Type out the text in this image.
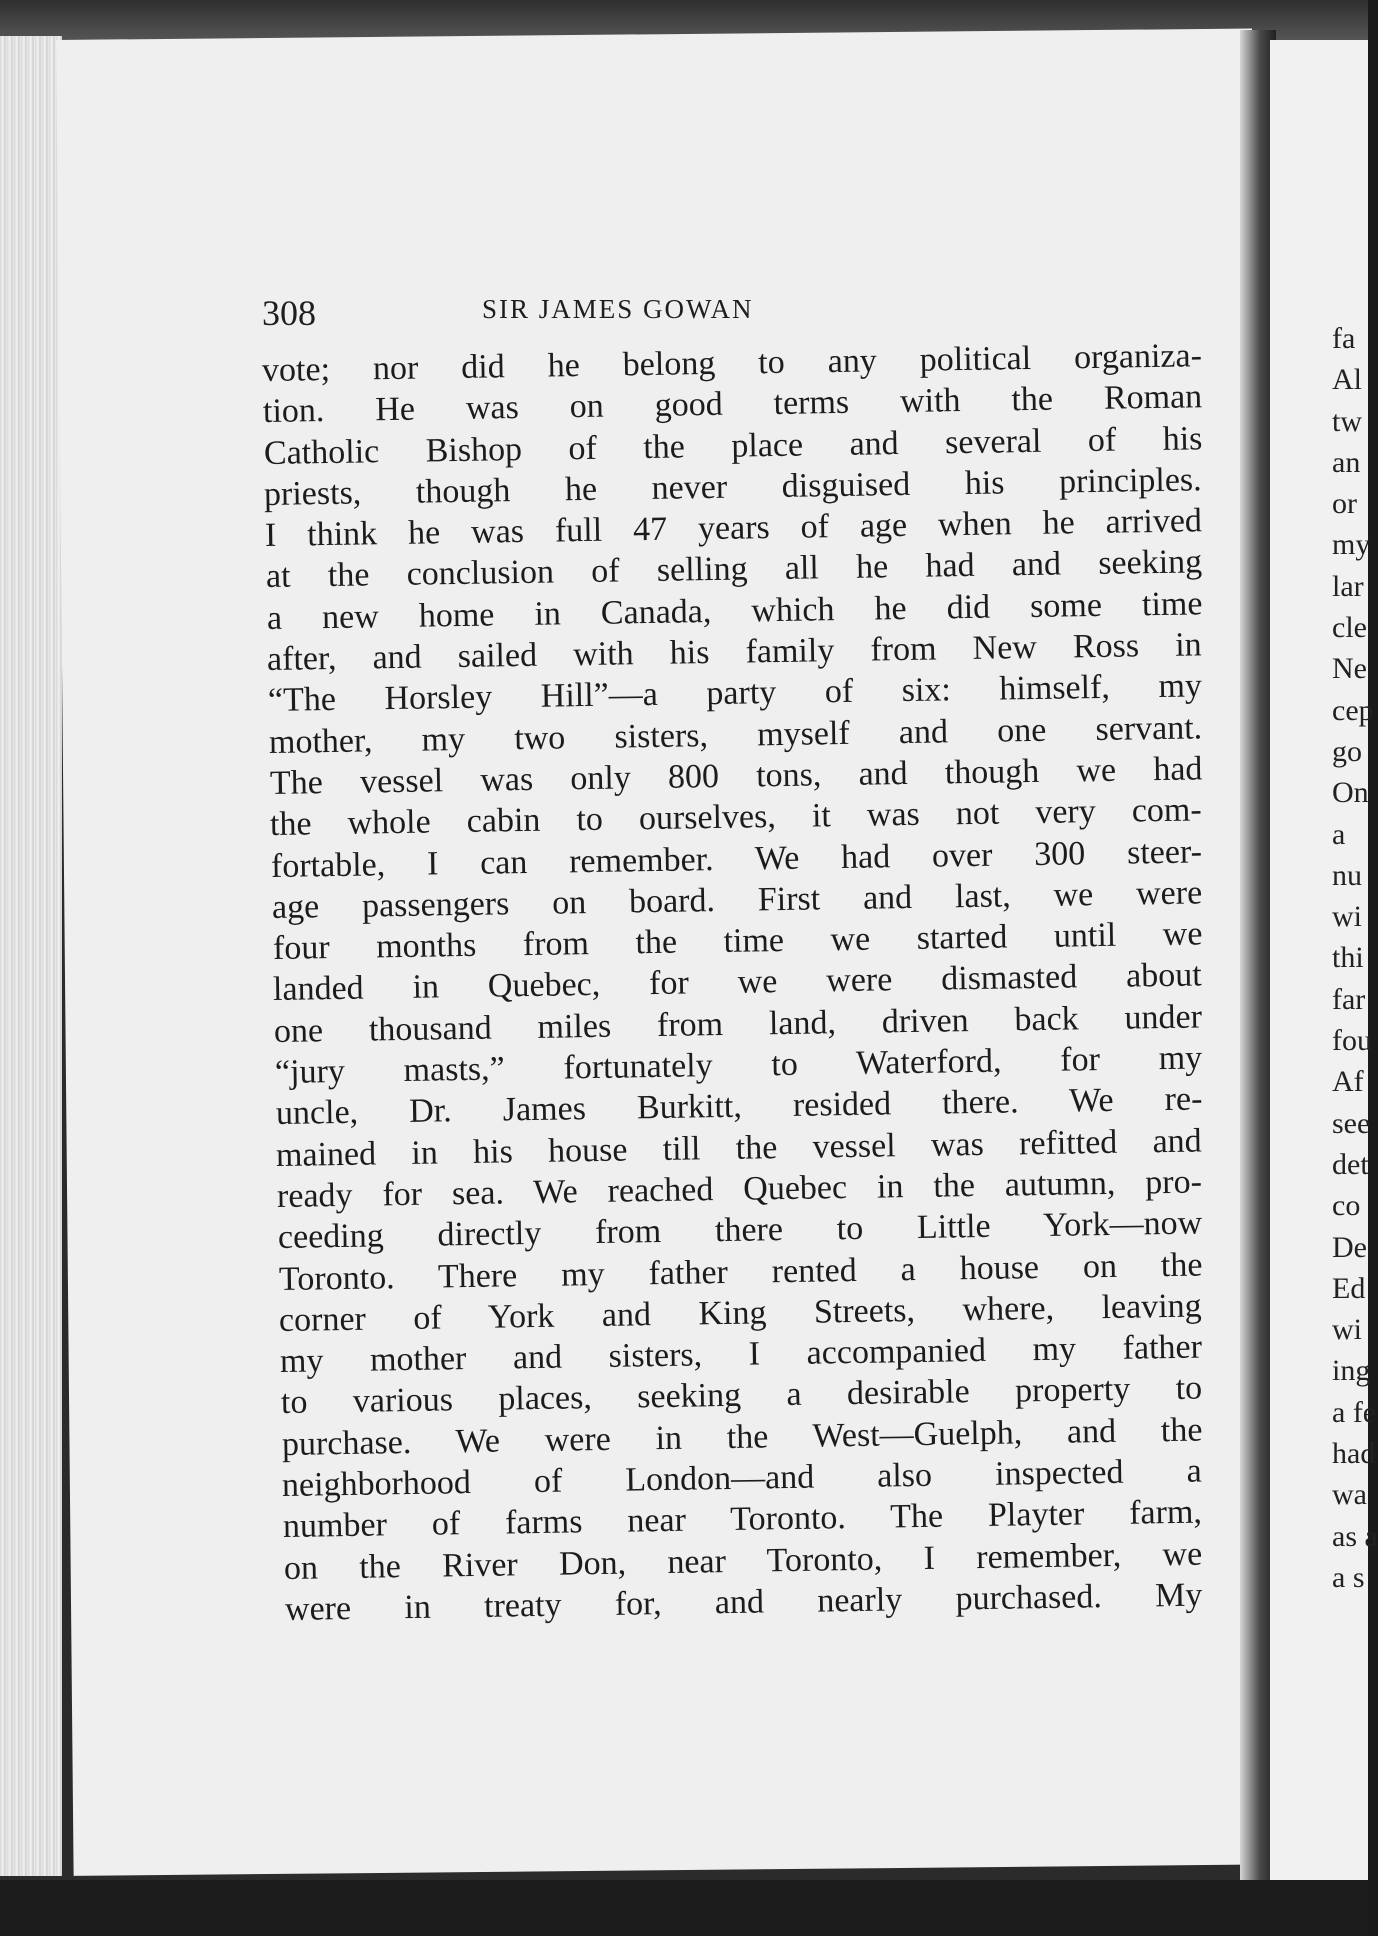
308	SIR JAMES GOWAN
vote; nor did he belong to any political organiza-
tion. He was on good terms with the Roman
Catholic Bishop of the place and several of his
priests, though he never disguised his principles.
I think he was full 47 years of age when he arrived
at the conclusion of selling all he had and seeking
a new home in Canada, which he did some time
after, and sailed with his family from New Ross in
“The Horsley Hill”—a party of six: himself, my
mother, my two sisters, myself and one servant.
The vessel was only 800 tons, and though we had
the whole cabin to ourselves, it was not very com-
fortable, I can remember. We had over 300 steer-
age passengers on board. First and last, we were
four months from the time we started until we
landed in Quebec, for we were dismasted about
one thousand miles from land, driven back under
“jury masts,” fortunately to Waterford, for my
uncle, Dr. James Burkitt, resided there. We re-
mained in his house till the vessel was refitted and
ready for sea. We reached Quebec in the autumn, pro-
ceeding directly from there to Little York—now
Toronto. There my father rented a house on the
corner of York and King Streets, where, leaving
my mother and sisters, I accompanied my father
to various places, seeking a desirable property to
purchase. We were in the West—Guelph, and the
neighborhood of London—and also inspected a
number of farms near Toronto. The Playter farm,
on the River Don, near Toronto, I remember, we
were in treaty for, and nearly purchased. My
fa
Al
tw
an
or
my
lar
cle
Ne
cep
go
On
a
nu
wi
thi
far
fou
Af
see
det
co
De
Ed
wi
ing
a fe
had
wa
as a
a s
